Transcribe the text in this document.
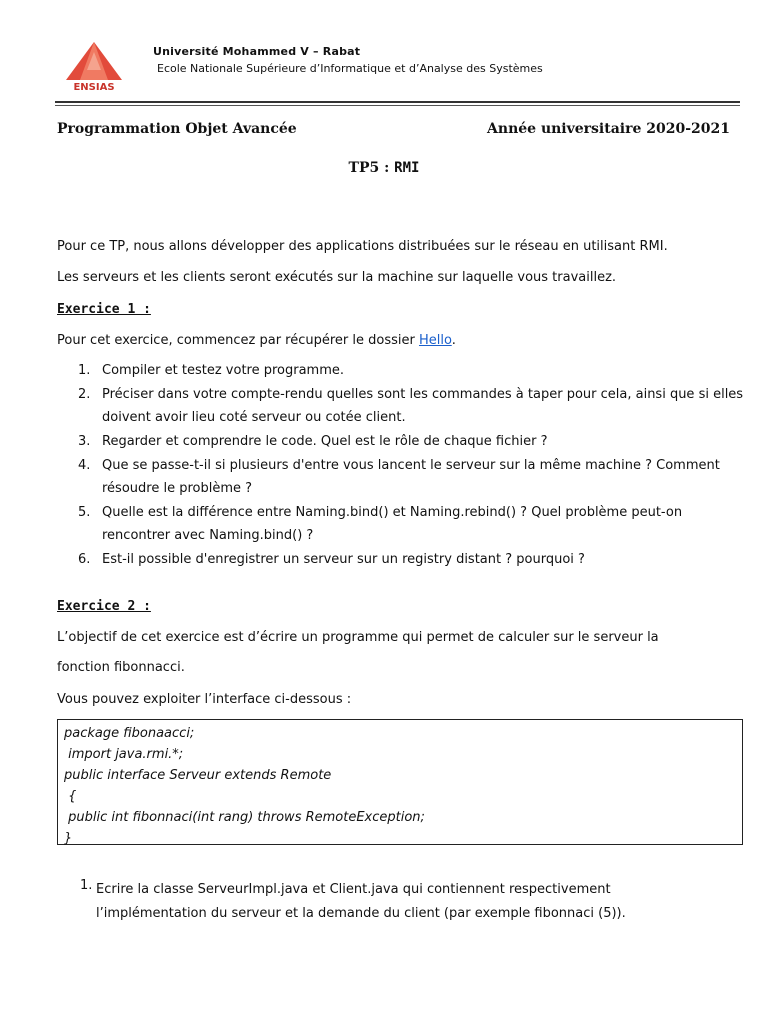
ENSIAS
Université Mohammed V – Rabat
Ecole Nationale Supérieure d’Informatique et d’Analyse des Systèmes
Programmation Objet Avancée	Année universitaire 2020-2021
TP5 : RMI
Pour ce TP, nous allons développer des applications distribuées sur le réseau en utilisant RMI.
Les serveurs et les clients seront exécutés sur la machine sur laquelle vous travaillez.
Exercice 1 :
Pour cet exercice, commencez par récupérer le dossier Hello.
1. Compiler et testez votre programme.
2. Préciser dans votre compte-rendu quelles sont les commandes à taper pour cela, ainsi que si elles doivent avoir lieu coté serveur ou cotée client.
3. Regarder et comprendre le code. Quel est le rôle de chaque fichier ?
4. Que se passe-t-il si plusieurs d'entre vous lancent le serveur sur la même machine ? Comment résoudre le problème ?
5. Quelle est la différence entre Naming.bind() et Naming.rebind() ? Quel problème peut-on rencontrer avec Naming.bind() ?
6. Est-il possible d'enregistrer un serveur sur un registry distant ? pourquoi ?
Exercice 2 :
L’objectif de cet exercice est d’écrire un programme qui permet de calculer sur le serveur la
fonction fibonnacci.
Vous pouvez exploiter l’interface ci-dessous :
package fibonaacci;
import java.rmi.*;
public interface Serveur extends Remote
{
public int fibonnaci(int rang) throws RemoteException;
}
1. Ecrire la classe ServeurImpl.java et Client.java qui contiennent respectivement l’implémentation du serveur et la demande du client (par exemple fibonnaci (5)).
